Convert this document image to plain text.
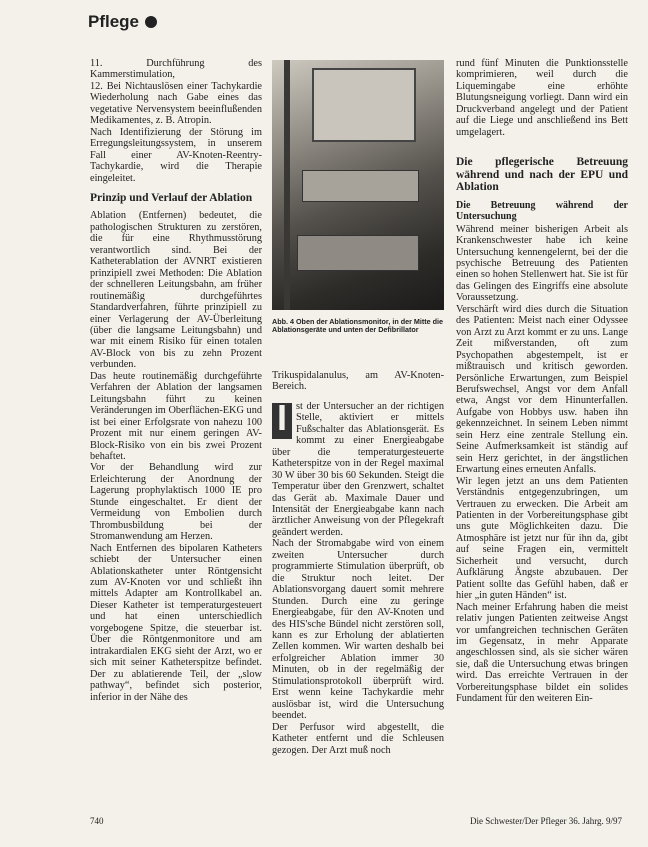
Pflege

11. Durchführung des Kammerstimulation,
12. Bei Nichtauslösen einer Tachykardie Wiederholung nach Gabe eines das vegetative Nervensystem beeinflußenden Medikamentes, z. B. Atropin.
Nach Identifizierung der Störung im Erregungsleitungssystem, in unserem Fall einer AV-Knoten-Reentry-Tachykardie, wird die Therapie eingeleitet.

Prinzip und Verlauf der Ablation

Ablation (Entfernen) bedeutet, die pathologischen Strukturen zu zerstören, die für eine Rhythmusstörung verantwortlich sind. Bei der Katheterablation der AVNRT existieren prinzipiell zwei Methoden: Die Ablation der schnelleren Leitungsbahn, am früher routinemäßig durchgeführtes Standardverfahren, führte prinzipiell zu einer Verlagerung der AV-Überleitung (über die langsame Leitungsbahn) und war mit einem Risiko für einen totalen AV-Block von bis zu zehn Prozent verbunden.
Das heute routinemäßig durchgeführte Verfahren der Ablation der langsamen Leitungsbahn führt zu keinen Veränderungen im Oberflächen-EKG und ist bei einer Erfolgsrate von nahezu 100 Prozent mit nur einem geringen AV-Block-Risiko von ein bis zwei Prozent behaftet.
Vor der Behandlung wird zur Erleichterung der Anordnung der Lagerung prophylaktisch 1000 IE pro Stunde eingeschaltet. Er dient der Vermeidung von Embolien durch Thrombusbildung bei der Stromanwendung am Herzen.
Nach Entfernen des bipolaren Katheters schiebt der Untersucher einen Ablationskatheter unter Röntgensicht zum AV-Knoten vor und schließt ihn mittels Adapter am Kontrollkabel an. Dieser Katheter ist temperaturgesteuert und hat einen unterschiedlich vorgebogene Spitze, die steuerbar ist. Über die Röntgenmonitore und am intrakardialen EKG sieht der Arzt, wo er sich mit seiner Katheterspitze befindet. Der zu ablatierende Teil, der „slow pathway“, befindet sich posterior, inferior in der Nähe des

Abb. 4 Oben der Ablationsmonitor, in der Mitte die Ablationsgeräte und unten der Defibrillator

Trikuspidalanulus, am AV-Knoten-Bereich.

I st der Untersucher an der richtigen Stelle, aktiviert er mittels Fußschalter das Ablationsgerät. Es kommt zu einer Energieabgabe über die temperaturgesteuerte Katheterspitze von in der Regel maximal 30 W über 30 bis 60 Sekunden. Steigt die Temperatur über den Grenzwert, schaltet das Gerät ab. Maximale Dauer und Intensität der Energieabgabe kann nach ärztlicher Anweisung von der Pflegekraft geändert werden.
Nach der Stromabgabe wird von einem zweiten Untersucher durch programmierte Stimulation überprüft, ob die Struktur noch leitet. Der Ablationsvorgang dauert somit mehrere Stunden. Durch eine zu geringe Energieabgabe, für den AV-Knoten und des HIS'sche Bündel nicht zerstören soll, kann es zur Erholung der ablatierten Zellen kommen. Wir warten deshalb bei erfolgreicher Ablation immer 30 Minuten, ob in der regelmäßig der Stimulationsprotokoll überprüft wird. Erst wenn keine Tachykardie mehr auslösbar ist, wird die Untersuchung beendet.
Der Perfusor wird abgestellt, die Katheter entfernt und die Schleusen gezogen. Der Arzt muß noch

rund fünf Minuten die Punktionsstelle komprimieren, weil durch die Liquemingabe eine erhöhte Blutungsneigung vorliegt. Dann wird ein Druckverband angelegt und der Patient auf die Liege und anschließend ins Bett umgelagert.

Die pflegerische Betreuung während und nach der EPU und Ablation
Die Betreuung während der Untersuchung

Während meiner bisherigen Arbeit als Krankenschwester habe ich keine Untersuchung kennengelernt, bei der die psychische Betreuung des Patienten einen so hohen Stellenwert hat. Sie ist für das Gelingen des Eingriffs eine absolute Voraussetzung.
Verschärft wird dies durch die Situation des Patienten: Meist nach einer Odyssee von Arzt zu Arzt kommt er zu uns. Lange Zeit mißverstanden, oft zum Psychopathen abgestempelt, ist er mißtrauisch und kritisch geworden. Persönliche Erwartungen, zum Beispiel Berufswechsel, Angst vor dem Anfall etwa, Angst vor dem Hinunterfallen. Aufgabe von Hobbys usw. haben ihn gekennzeichnet. In seinem Leben nimmt sein Herz eine zentrale Stellung ein. Seine Aufmerksamkeit ist ständig auf sein Herz gerichtet, in der ängstlichen Erwartung eines erneuten Anfalls.
Wir legen jetzt an uns dem Patienten Verständnis entgegenzubringen, um Vertrauen zu erwecken. Die Arbeit am Patienten in der Vorbereitungsphase gibt uns gute Möglichkeiten dazu. Die Atmosphäre ist jetzt nur für ihn da, gibt auf seine Fragen ein, vermittelt Sicherheit und versucht, durch Aufklärung Ängste abzubauen. Der Patient sollte das Gefühl haben, daß er hier „in guten Händen“ ist.
Nach meiner Erfahrung haben die meist relativ jungen Patienten zeitweise Angst vor umfangreichen technischen Geräten im Gegensatz, in mehr Apparate angeschlossen sind, als sie sicher wären sie, daß die Untersuchung etwas bringen wird. Das erreichte Vertrauen in der Vorbereitungsphase bildet ein solides Fundament für den weiteren Ein-

740	Die Schwester/Der Pfleger 36. Jahrg. 9/97
